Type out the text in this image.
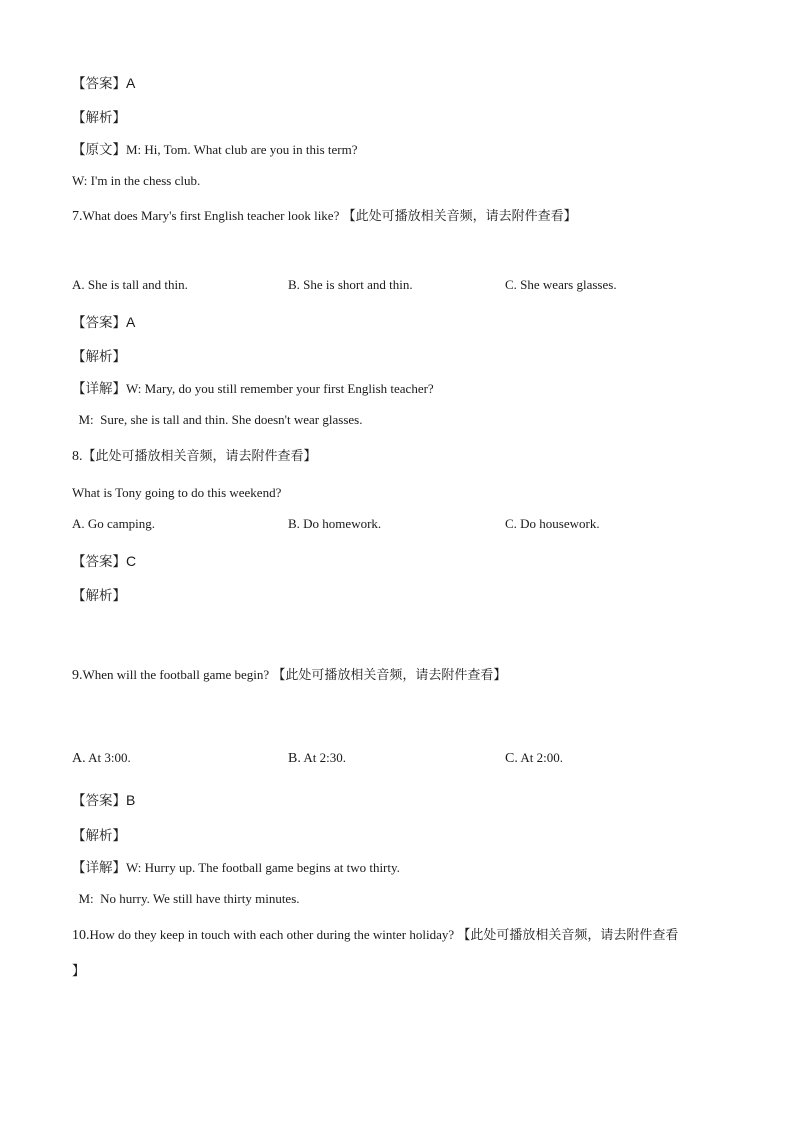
【答案】A
【解析】
【原文】M: Hi, Tom. What club are you in this term?
W: I'm in the chess club.
7.What does Mary's first English teacher look like? 【此处可播放相关音频，请去附件查看】
A. She is tall and thin.	B. She is short and thin.	C. She wears glasses.
【答案】A
【解析】
【详解】W: Mary, do you still remember your first English teacher?
M:  Sure, she is tall and thin. She doesn't wear glasses.
8.【此处可播放相关音频，请去附件查看】
What is Tony going to do this weekend?
A. Go camping.	B. Do homework.	C. Do housework.
【答案】C
【解析】
9.When will the football game begin? 【此处可播放相关音频，请去附件查看】
A. At 3:00.	B. At 2:30.	C. At 2:00.
【答案】B
【解析】
【详解】W: Hurry up. The football game begins at two thirty.
M:  No hurry. We still have thirty minutes.
10.How do they keep in touch with each other during the winter holiday? 【此处可播放相关音频，请去附件查看
】
